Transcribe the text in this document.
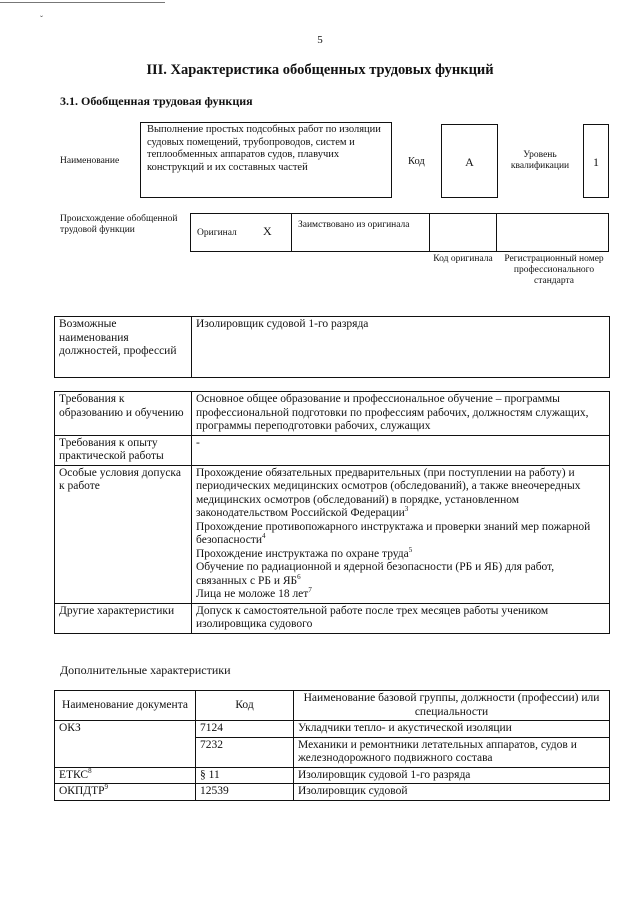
ˇ
5
III. Характеристика обобщенных трудовых функций
3.1. Обобщенная трудовая функция
Наименование
Выполнение простых подсобных работ по изоляции судовых помещений, трубопроводов, систем и теплообменных аппаратов судов, плавучих конструкций и их составных частей	Код	А	Уровень квалификации	1
Происхождение обобщенной трудовой функции	Оригинал X	Заимствовано из оригинала
Код оригинала	Регистрационный номер профессионального стандарта
Возможные наименования должностей, профессий	Изолировщик судовой 1-го разряда
Требования к образованию и обучению	Основное общее образование и профессиональное обучение – программы профессиональной подготовки по профессиям рабочих, должностям служащих, программы переподготовки рабочих, служащих
Требования к опыту практической работы	-
Особые условия допуска к работе	Прохождение обязательных предварительных (при поступлении на работу) и периодических медицинских осмотров (обследований), а также внеочередных медицинских осмотров (обследований) в порядке, установленном законодательством Российской Федерации$^3$
Прохождение противопожарного инструктажа и проверки знаний мер пожарной безопасности$^4$
Прохождение инструктажа по охране труда$^5$
Обучение по радиационной и ядерной безопасности (РБ и ЯБ) для работ, связанных с РБ и $ЯБ^6$
Лица не моложе 18 лет$^7$

Другие характеристики	Допуск к самостоятельной работе после трех месяцев работы учеником изолировщика судового
Дополнительные характеристики
Наименование документа	Код	Наименование базовой группы, должности (профессии) или специальности
ОКЗ	7124	Укладчики тепло- и акустической изоляции
	7232	Механики и ремонтники летательных аппаратов, судов и железнодорожного подвижного состава
ЕТКС$^8$	§ 11	Изолировщик судовой 1-го разряда
ОКПДТР$^9$	12539	Изолировщик судовой
